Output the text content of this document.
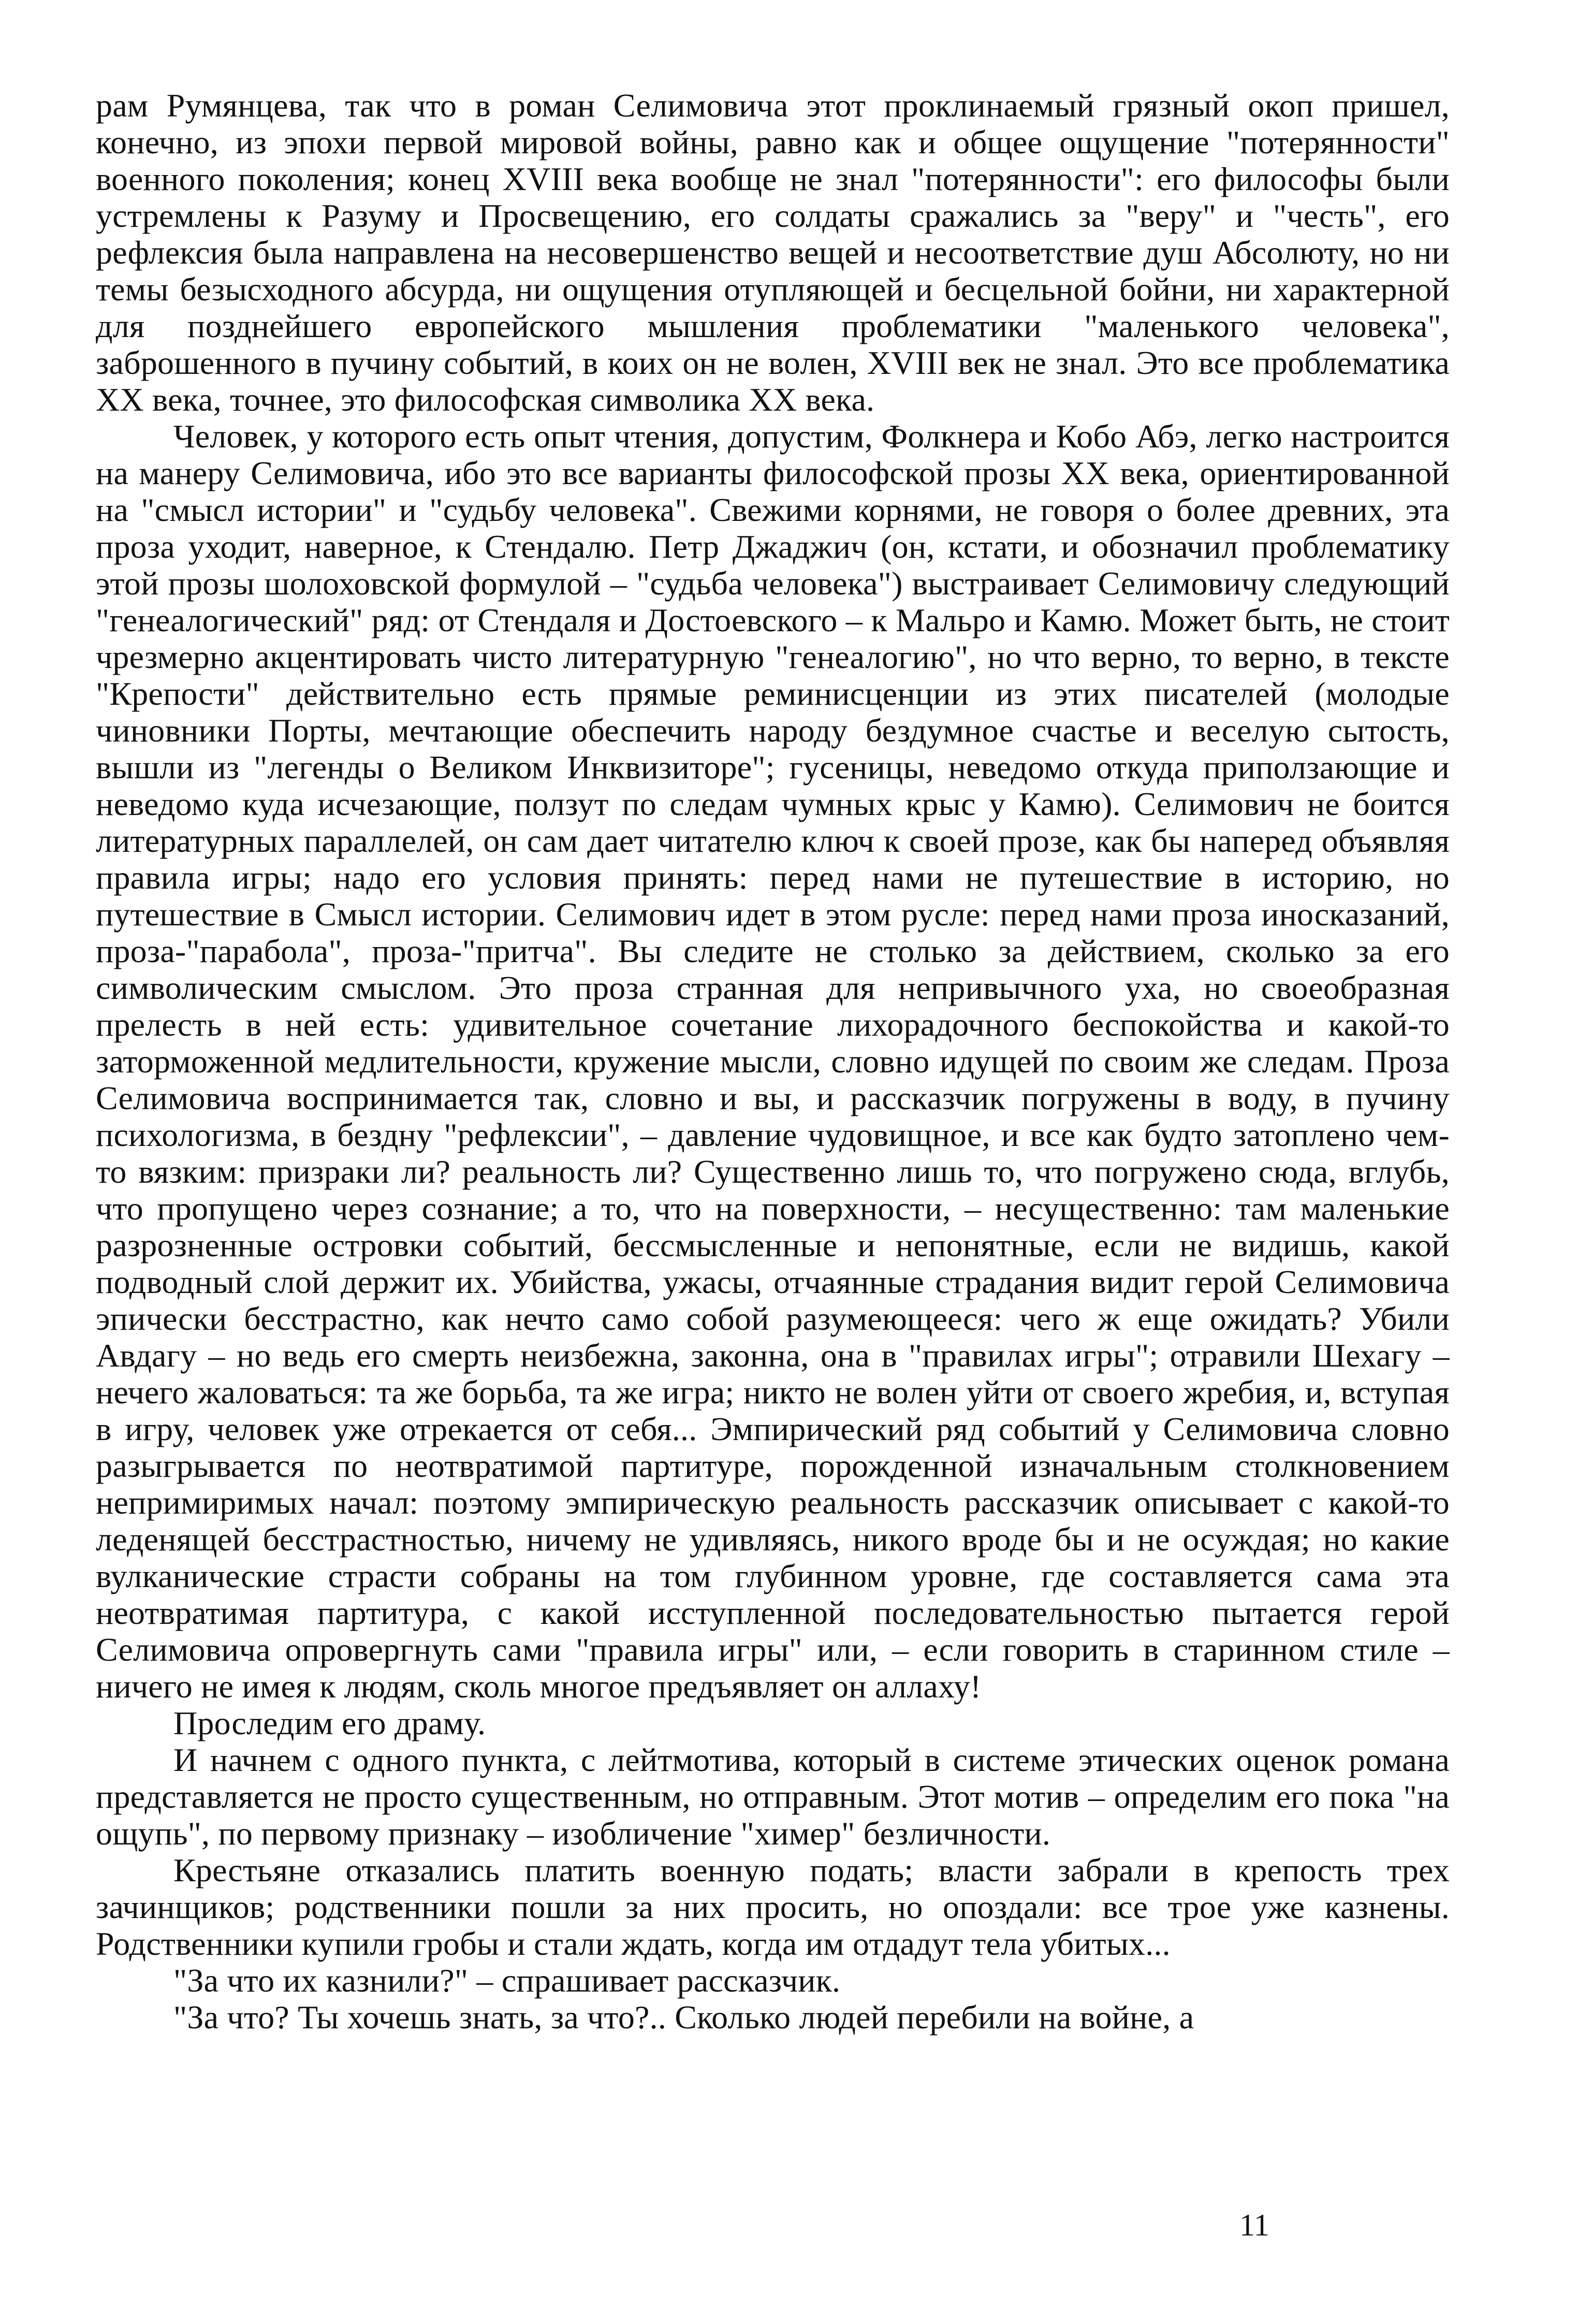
рам Румянцева, так что в роман Селимовича этот проклинаемый грязный окоп пришел, конечно, из эпохи первой мировой войны, равно как и общее ощущение "потерянности" военного поколения; конец XVIII века вообще не знал "потерянности": его философы были устремлены к Разуму и Просвещению, его солдаты сражались за "веру" и "честь", его рефлексия была направлена на несовершенство вещей и несоответствие душ Абсолюту, но ни темы безысходного абсурда, ни ощущения отупляющей и бесцельной бойни, ни характерной для позднейшего европейского мышления проблематики "маленького человека", заброшенного в пучину событий, в коих он не волен, XVIII век не знал. Это все проблематика XX века, точнее, это философская символика XX века.

Человек, у которого есть опыт чтения, допустим, Фолкнера и Кобо Абэ, легко настроится на манеру Селимовича, ибо это все варианты философской прозы XX века, ориентированной на "смысл истории" и "судьбу человека". Свежими корнями, не говоря о более древних, эта проза уходит, наверное, к Стендалю. Петр Джаджич (он, кстати, и обозначил проблематику этой прозы шолоховской формулой – "судьба человека") выстраивает Селимовичу следующий "генеалогический" ряд: от Стендаля и Достоевского – к Мальро и Камю. Может быть, не стоит чрезмерно акцентировать чисто литературную "генеалогию", но что верно, то верно, в тексте "Крепости" действительно есть прямые реминисценции из этих писателей (молодые чиновники Порты, мечтающие обеспечить народу бездумное счастье и веселую сытость, вышли из "легенды о Великом Инквизиторе"; гусеницы, неведомо откуда приползающие и неведомо куда исчезающие, ползут по следам чумных крыс у Камю). Селимович не боится литературных параллелей, он сам дает читателю ключ к своей прозе, как бы наперед объявляя правила игры; надо его условия принять: перед нами не путешествие в историю, но путешествие в Смысл истории. Селимович идет в этом русле: перед нами проза иносказаний, проза-"парабола", проза-"притча". Вы следите не столько за действием, сколько за его символическим смыслом. Это проза странная для непривычного уха, но своеобразная прелесть в ней есть: удивительное сочетание лихорадочного беспокойства и какой-то заторможенной медлительности, кружение мысли, словно идущей по своим же следам. Проза Селимовича воспринимается так, словно и вы, и рассказчик погружены в воду, в пучину психологизма, в бездну "рефлексии", – давление чудовищное, и все как будто затоплено чем-то вязким: призраки ли? реальность ли? Существенно лишь то, что погружено сюда, вглубь, что пропущено через сознание; а то, что на поверхности, – несущественно: там маленькие разрозненные островки событий, бессмысленные и непонятные, если не видишь, какой подводный слой держит их. Убийства, ужасы, отчаянные страдания видит герой Селимовича эпически бесстрастно, как нечто само собой разумеющееся: чего ж еще ожидать? Убили Авдагу – но ведь его смерть неизбежна, законна, она в "правилах игры"; отравили Шехагу – нечего жаловаться: та же борьба, та же игра; никто не волен уйти от своего жребия, и, вступая в игру, человек уже отрекается от себя... Эмпирический ряд событий у Селимовича словно разыгрывается по неотвратимой партитуре, порожденной изначальным столкновением непримиримых начал: поэтому эмпирическую реальность рассказчик описывает с какой-то леденящей бесстрастностью, ничему не удивляясь, никого вроде бы и не осуждая; но какие вулканические страсти собраны на том глубинном уровне, где составляется сама эта неотвратимая партитура, с какой исступленной последовательностью пытается герой Селимовича опровергнуть сами "правила игры" или, – если говорить в старинном стиле – ничего не имея к людям, сколь многое предъявляет он аллаху!

Проследим его драму.

И начнем с одного пункта, с лейтмотива, который в системе этических оценок романа представляется не просто существенным, но отправным. Этот мотив – определим его пока "на ощупь", по первому признаку – изобличение "химер" безличности.

Крестьяне отказались платить военную подать; власти забрали в крепость трех зачинщиков; родственники пошли за них просить, но опоздали: все трое уже казнены. Родственники купили гробы и стали ждать, когда им отдадут тела убитых...

"За что их казнили?" – спрашивает рассказчик.

"За что? Ты хочешь знать, за что?.. Сколько людей перебили на войне, а

11
